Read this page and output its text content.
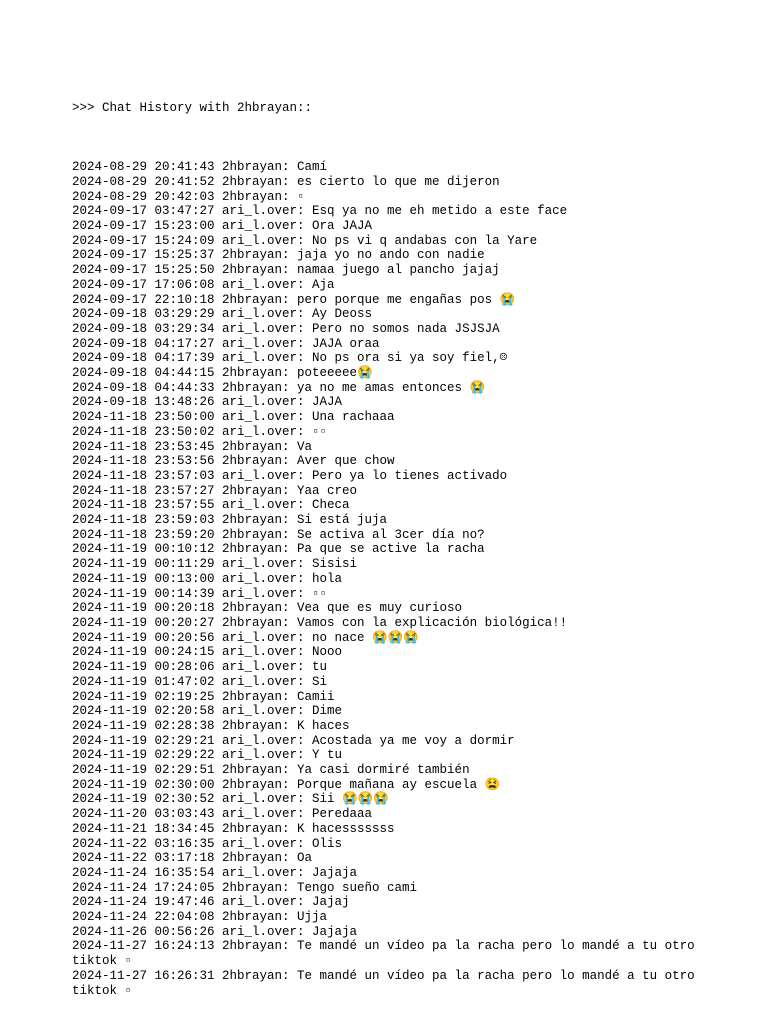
>>> Chat History with 2hbrayan::

2024-08-29 20:41:43 2hbrayan: Camí
2024-08-29 20:41:52 2hbrayan: es cierto lo que me dijeron
2024-08-29 20:42:03 2hbrayan: ▫
2024-09-17 03:47:27 ari_l.over: Esq ya no me eh metido a este face
2024-09-17 15:23:00 ari_l.over: Ora JAJA
2024-09-17 15:24:09 ari_l.over: No ps vi q andabas con la Yare
2024-09-17 15:25:37 2hbrayan: jaja yo no ando con nadie
2024-09-17 15:25:50 2hbrayan: namaa juego al pancho jajaj
2024-09-17 17:06:08 ari_l.over: Aja
2024-09-17 22:10:18 2hbrayan: pero porque me engañas pos 😭
2024-09-18 03:29:29 ari_l.over: Ay Deoss
2024-09-18 03:29:34 ari_l.over: Pero no somos nada JSJSJA
2024-09-18 04:17:27 ari_l.over: JAJA oraa
2024-09-18 04:17:39 ari_l.over: No ps ora si ya soy fiel,☹
2024-09-18 04:44:15 2hbrayan: poteeeee😭
2024-09-18 04:44:33 2hbrayan: ya no me amas entonces 😭
2024-09-18 13:48:26 ari_l.over: JAJA
2024-11-18 23:50:00 ari_l.over: Una rachaaa
2024-11-18 23:50:02 ari_l.over: ▫▫
2024-11-18 23:53:45 2hbrayan: Va
2024-11-18 23:53:56 2hbrayan: Aver que chow
2024-11-18 23:57:03 ari_l.over: Pero ya lo tienes activado
2024-11-18 23:57:27 2hbrayan: Yaa creo
2024-11-18 23:57:55 ari_l.over: Checa
2024-11-18 23:59:03 2hbrayan: Si está juja
2024-11-18 23:59:20 2hbrayan: Se activa al 3cer día no?
2024-11-19 00:10:12 2hbrayan: Pa que se active la racha
2024-11-19 00:11:29 ari_l.over: Sisisi
2024-11-19 00:13:00 ari_l.over: hola
2024-11-19 00:14:39 ari_l.over: ▫▫
2024-11-19 00:20:18 2hbrayan: Vea que es muy curioso
2024-11-19 00:20:27 2hbrayan: Vamos con la explicación biológica!!
2024-11-19 00:20:56 ari_l.over: no nace 😭😭😭
2024-11-19 00:24:15 ari_l.over: Nooo
2024-11-19 00:28:06 ari_l.over: tu
2024-11-19 01:47:02 ari_l.over: Si
2024-11-19 02:19:25 2hbrayan: Camii
2024-11-19 02:20:58 ari_l.over: Dime
2024-11-19 02:28:38 2hbrayan: K haces
2024-11-19 02:29:21 ari_l.over: Acostada ya me voy a dormir
2024-11-19 02:29:22 ari_l.over: Y tu
2024-11-19 02:29:51 2hbrayan: Ya casi dormiré también
2024-11-19 02:30:00 2hbrayan: Porque mañana ay escuela 😫
2024-11-19 02:30:52 ari_l.over: Sii 😭😭😭
2024-11-20 03:03:43 ari_l.over: Peredaaa
2024-11-21 18:34:45 2hbrayan: K hacesssssss
2024-11-22 03:16:35 ari_l.over: Olis
2024-11-22 03:17:18 2hbrayan: Oa
2024-11-24 16:35:54 ari_l.over: Jajaja
2024-11-24 17:24:05 2hbrayan: Tengo sueño cami
2024-11-24 19:47:46 ari_l.over: Jajaj
2024-11-24 22:04:08 2hbrayan: Ujja
2024-11-26 00:56:26 ari_l.over: Jajaja
2024-11-27 16:24:13 2hbrayan: Te mandé un vídeo pa la racha pero lo mandé a tu otro tiktok ▫
2024-11-27 16:26:31 2hbrayan: Te mandé un vídeo pa la racha pero lo mandé a tu otro tiktok ▫
